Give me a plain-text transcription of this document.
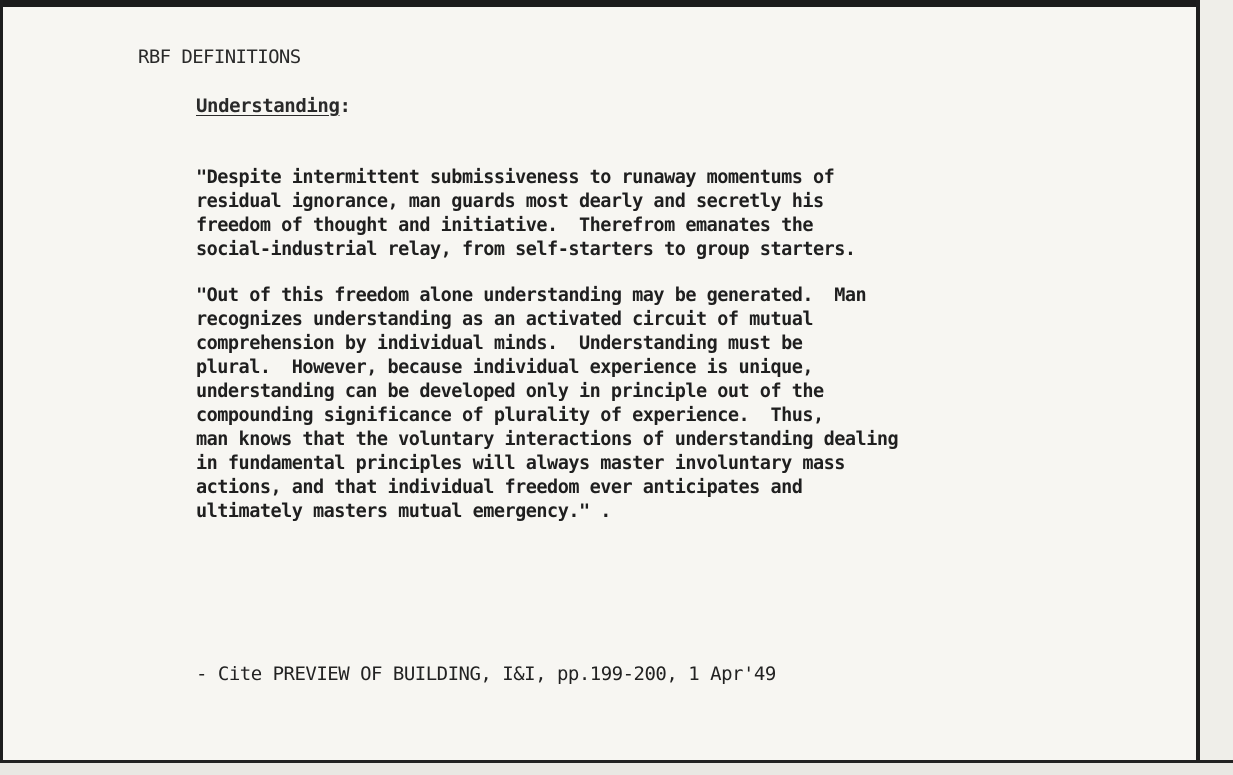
RBF DEFINITIONS
Understanding:

"Despite intermittent submissiveness to runaway momentums of
residual ignorance, man guards most dearly and secretly his
freedom of thought and initiative.  Therefrom emanates the
social-industrial relay, from self-starters to group starters.

"Out of this freedom alone understanding may be generated.  Man
recognizes understanding as an activated circuit of mutual
comprehension by individual minds.  Understanding must be
plural.  However, because individual experience is unique,
understanding can be developed only in principle out of the
compounding significance of plurality of experience.  Thus,
man knows that the voluntary interactions of understanding dealing
in fundamental principles will always master involuntary mass
actions, and that individual freedom ever anticipates and
ultimately masters mutual emergency." .

- Cite PREVIEW OF BUILDING, I&I, pp.199-200, 1 Apr'49
